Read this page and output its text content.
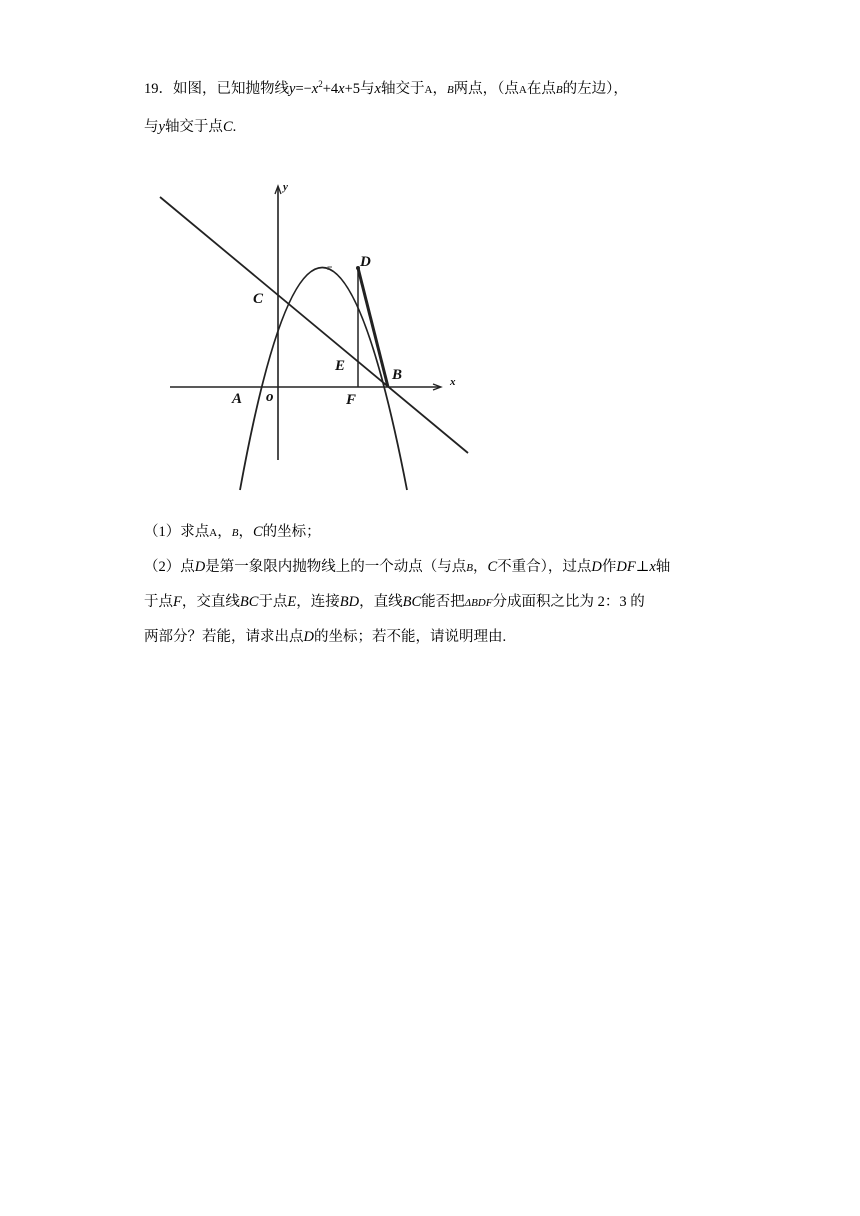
19．如图，已知抛物线$y=-x^2+4x+5$与x轴交于A，B两点，（点A在点B的左边），
与y轴交于点C.
y
x
C
D
E
B
A o	F
（1）求点A，B，C的坐标；
（2）点D是第一象限内抛物线上的一个动点（与点B，C不重合），过点D作DF⊥x轴
于点F，交直线BC于点E，连接BD，直线BC能否把ΔBDF分成面积之比为 2：3 的
两部分？若能，请求出点D的坐标；若不能，请说明理由.
